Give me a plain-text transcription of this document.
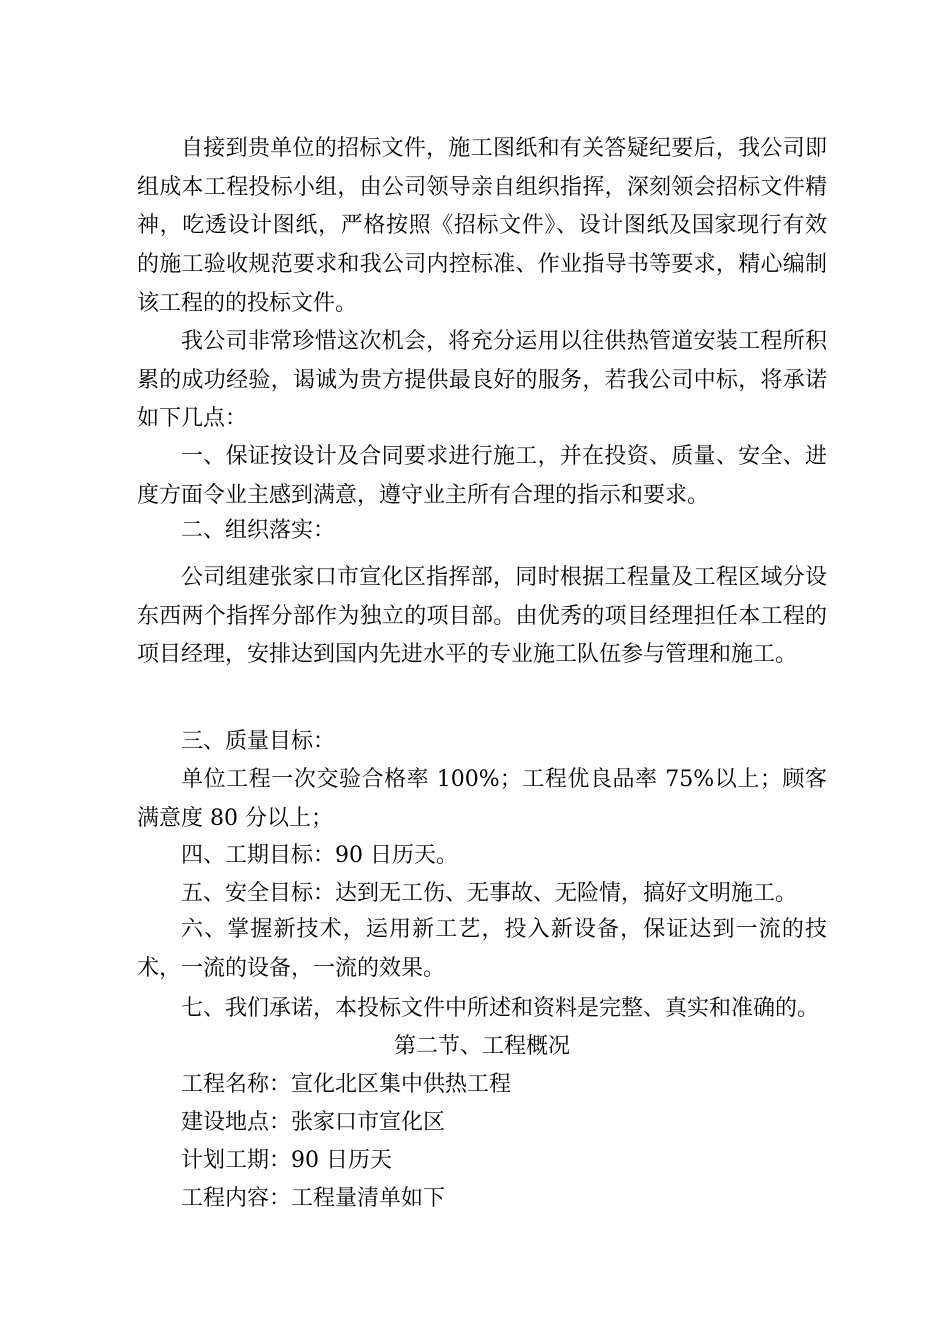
自接到贵单位的招标文件，施工图纸和有关答疑纪要后，我公司即组成本工程投标小组，由公司领导亲自组织指挥，深刻领会招标文件精神，吃透设计图纸，严格按照《招标文件》、设计图纸及国家现行有效的施工验收规范要求和我公司内控标准、作业指导书等要求，精心编制该工程的的投标文件。

我公司非常珍惜这次机会，将充分运用以往供热管道安装工程所积累的成功经验，谒诚为贵方提供最良好的服务，若我公司中标，将承诺如下几点：

一、保证按设计及合同要求进行施工，并在投资、质量、安全、进度方面令业主感到满意，遵守业主所有合理的指示和要求。

二、组织落实：

公司组建张家口市宣化区指挥部，同时根据工程量及工程区域分设东西两个指挥分部作为独立的项目部。由优秀的项目经理担任本工程的项目经理，安排达到国内先进水平的专业施工队伍参与管理和施工。

三、质量目标：

单位工程一次交验合格率 100%；工程优良品率 75%以上；顾客满意度 80 分以上；

四、工期目标：90 日历天。

五、安全目标：达到无工伤、无事故、无险情，搞好文明施工。

六、掌握新技术，运用新工艺，投入新设备，保证达到一流的技术，一流的设备，一流的效果。

七、我们承诺，本投标文件中所述和资料是完整、真实和准确的。

第二节、工程概况

工程名称：宣化北区集中供热工程

建设地点：张家口市宣化区

计划工期：90 日历天

工程内容：工程量清单如下
